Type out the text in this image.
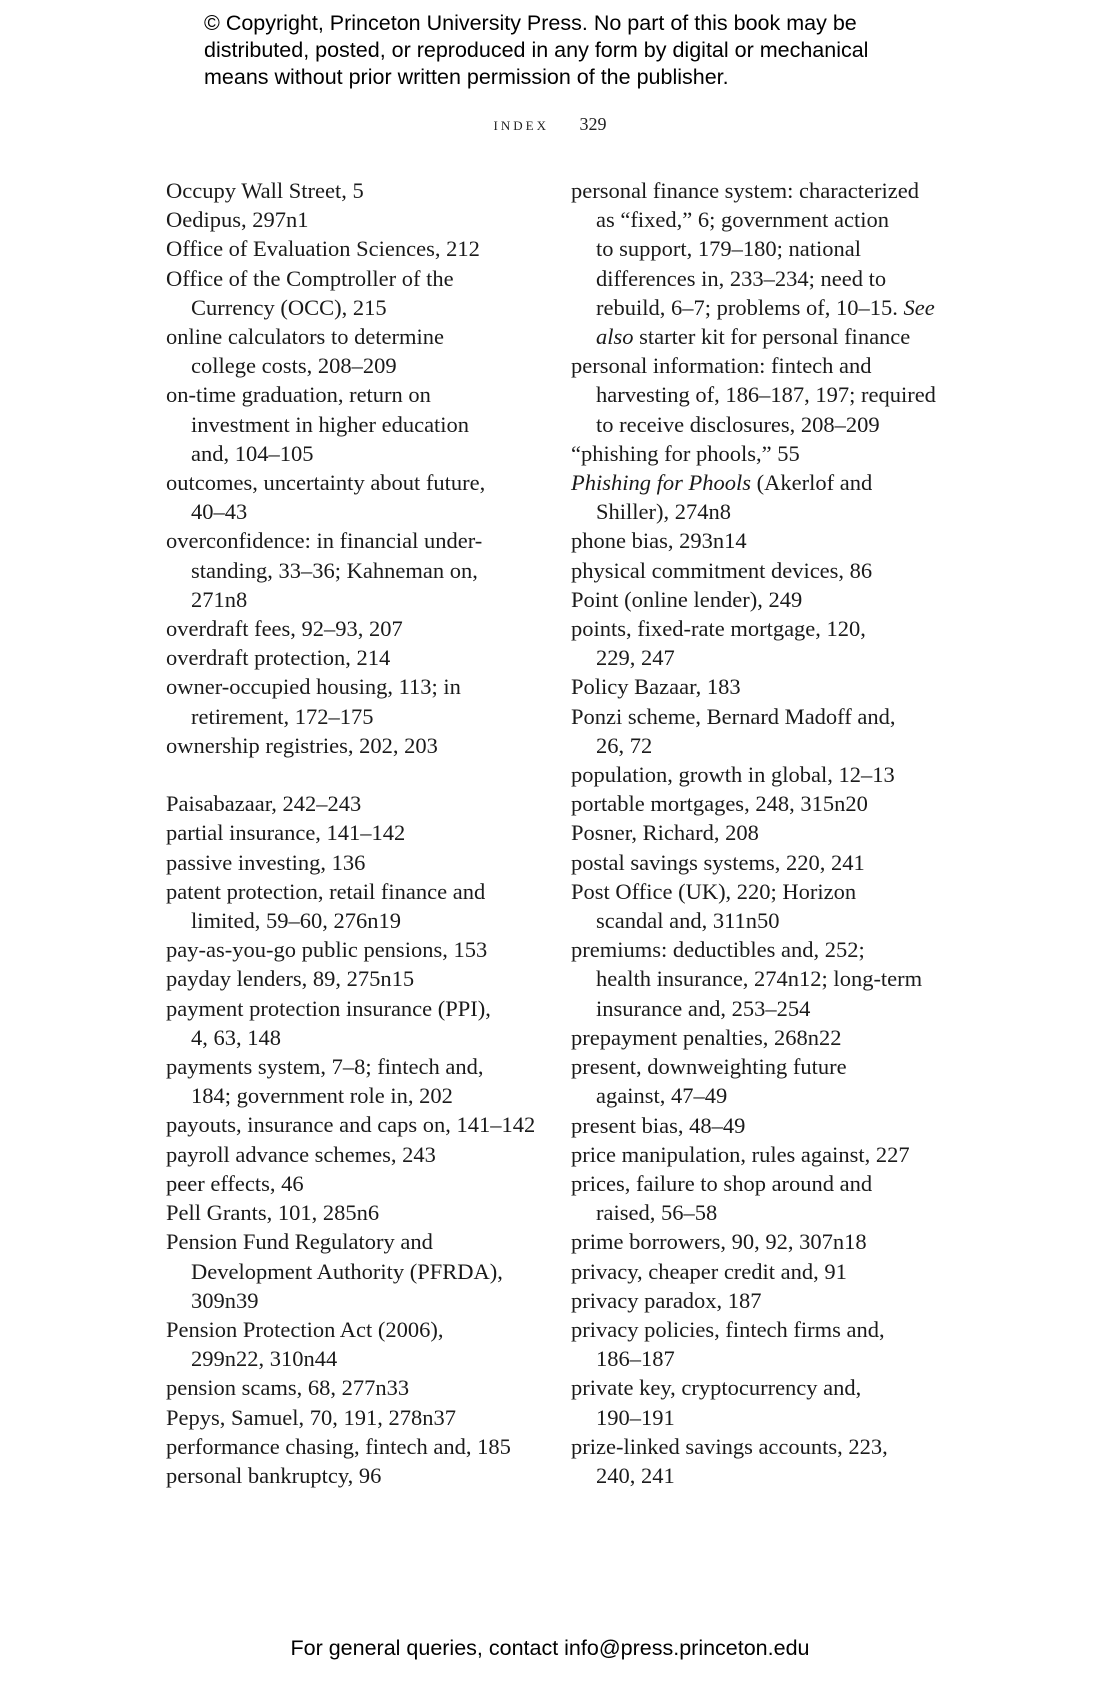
© Copyright, Princeton University Press. No part of this book may be
distributed, posted, or reproduced in any form by digital or mechanical
means without prior written permission of the publisher.
index 329
Occupy Wall Street, 5
Oedipus, 297n1
Office of Evaluation Sciences, 212
Office of the Comptroller of the
Currency (OCC), 215
online calculators to determine
college costs, 208–209
on-time graduation, return on
investment in higher education
and, 104–105
outcomes, uncertainty about future,
40–43
overconfidence: in financial under-
standing, 33–36; Kahneman on,
271n8
overdraft fees, 92–93, 207
overdraft protection, 214
owner-occupied housing, 113; in
retirement, 172–175
ownership registries, 202, 203
Paisabazaar, 242–243
partial insurance, 141–142
passive investing, 136
patent protection, retail finance and
limited, 59–60, 276n19
pay-as-you-go public pensions, 153
payday lenders, 89, 275n15
payment protection insurance (PPI),
4, 63, 148
payments system, 7–8; fintech and,
184; government role in, 202
payouts, insurance and caps on, 141–142
payroll advance schemes, 243
peer effects, 46
Pell Grants, 101, 285n6
Pension Fund Regulatory and
Development Authority (PFRDA),
309n39
Pension Protection Act (2006),
299n22, 310n44
pension scams, 68, 277n33
Pepys, Samuel, 70, 191, 278n37
performance chasing, fintech and, 185
personal bankruptcy, 96
personal finance system: characterized
as “fixed,” 6; government action
to support, 179–180; national
differences in, 233–234; need to
rebuild, 6–7; problems of, 10–15. See
also starter kit for personal finance
personal information: fintech and
harvesting of, 186–187, 197; required
to receive disclosures, 208–209
“phishing for phools,” 55
Phishing for Phools (Akerlof and
Shiller), 274n8
phone bias, 293n14
physical commitment devices, 86
Point (online lender), 249
points, fixed-rate mortgage, 120,
229, 247
Policy Bazaar, 183
Ponzi scheme, Bernard Madoff and,
26, 72
population, growth in global, 12–13
portable mortgages, 248, 315n20
Posner, Richard, 208
postal savings systems, 220, 241
Post Office (UK), 220; Horizon
scandal and, 311n50
premiums: deductibles and, 252;
health insurance, 274n12; long-term
insurance and, 253–254
prepayment penalties, 268n22
present, downweighting future
against, 47–49
present bias, 48–49
price manipulation, rules against, 227
prices, failure to shop around and
raised, 56–58
prime borrowers, 90, 92, 307n18
privacy, cheaper credit and, 91
privacy paradox, 187
privacy policies, fintech firms and,
186–187
private key, cryptocurrency and,
190–191
prize-linked savings accounts, 223,
240, 241
For general queries, contact info@press.princeton.edu
